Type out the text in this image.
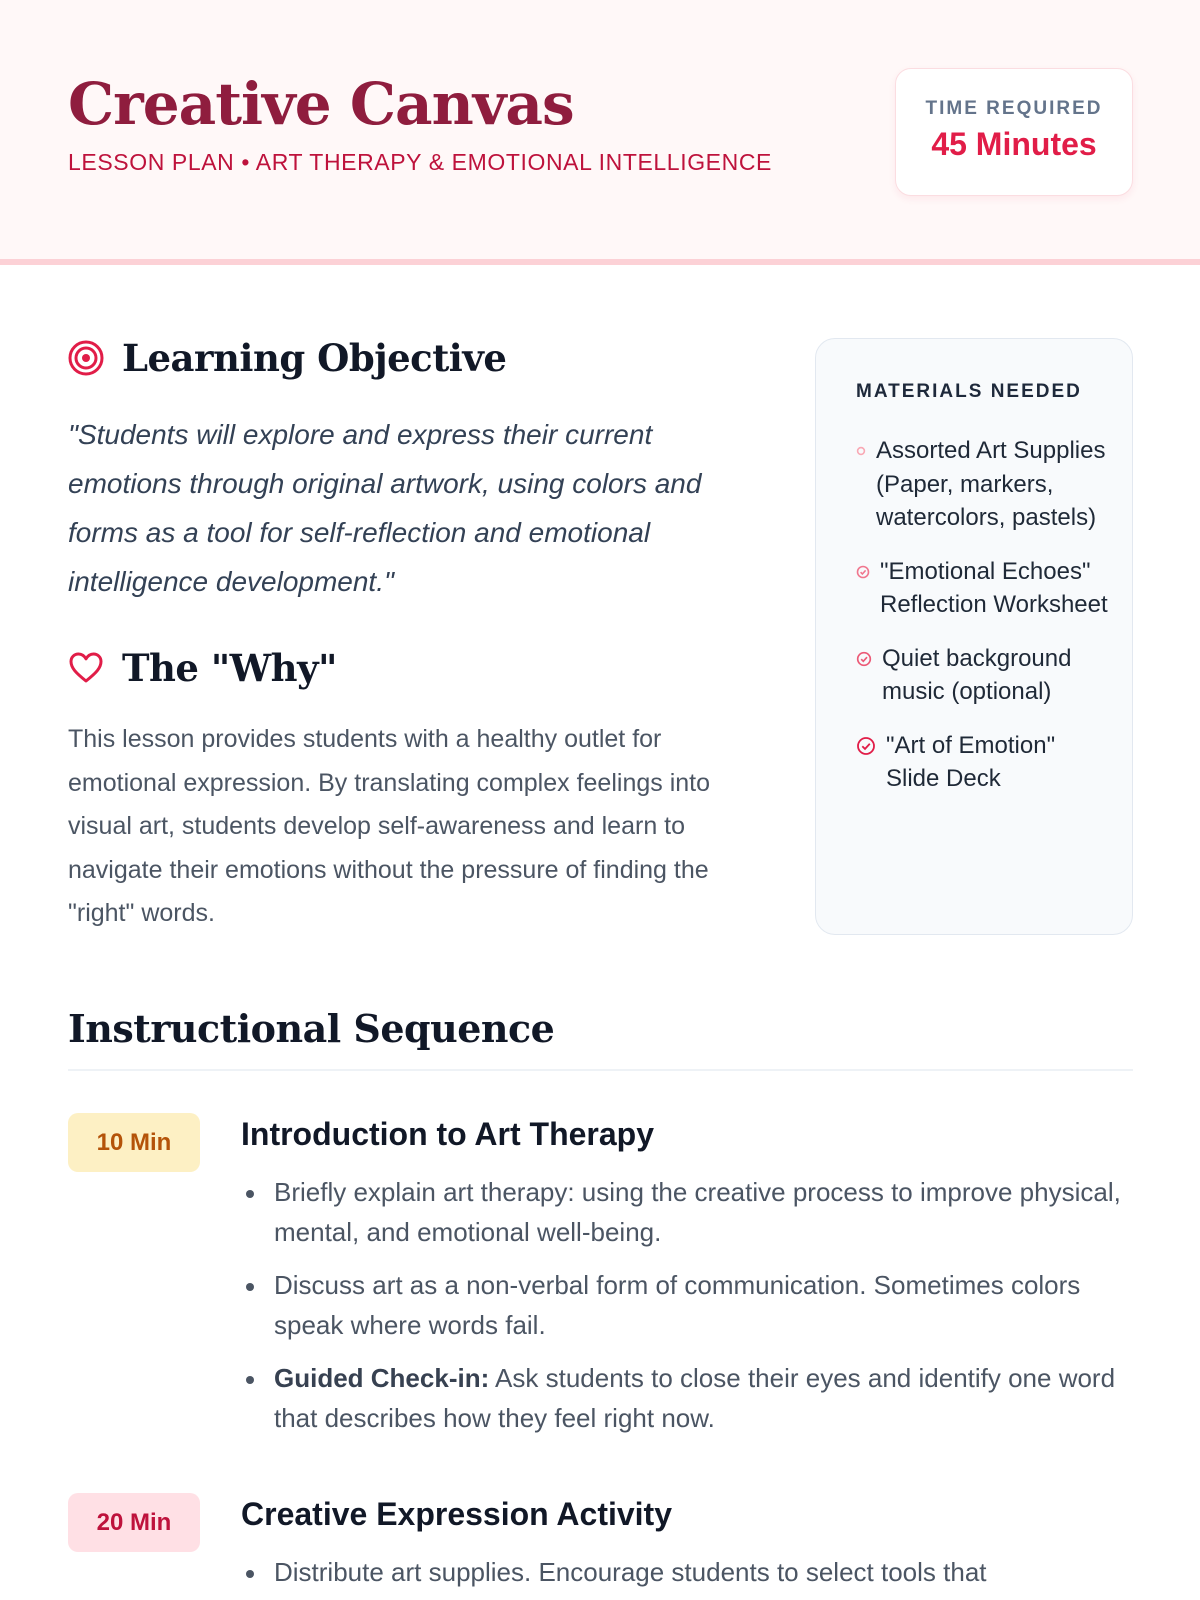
Creative Canvas
LESSON PLAN • ART THERAPY & EMOTIONAL INTELLIGENCE
TIME REQUIRED
45 Minutes
Learning Objective
"Students will explore and express their current emotions through original artwork, using colors and forms as a tool for self-reflection and emotional intelligence development."
The "Why"
This lesson provides students with a healthy outlet for emotional expression. By translating complex feelings into visual art, students develop self-awareness and learn to navigate their emotions without the pressure of finding the "right" words.
MATERIALS NEEDED
Assorted Art Supplies (Paper, markers, watercolors, pastels)
"Emotional Echoes" Reflection Worksheet
Quiet background music (optional)
"Art of Emotion" Slide Deck
Instructional Sequence
10 Min	Introduction to Art Therapy
Briefly explain art therapy: using the creative process to improve physical, mental, and emotional well-being.
Discuss art as a non-verbal form of communication. Sometimes colors speak where words fail.
Guided Check-in: Ask students to close their eyes and identify one word that describes how they feel right now.
20 Min	Creative Expression Activity
Distribute art supplies. Encourage students to select tools that
